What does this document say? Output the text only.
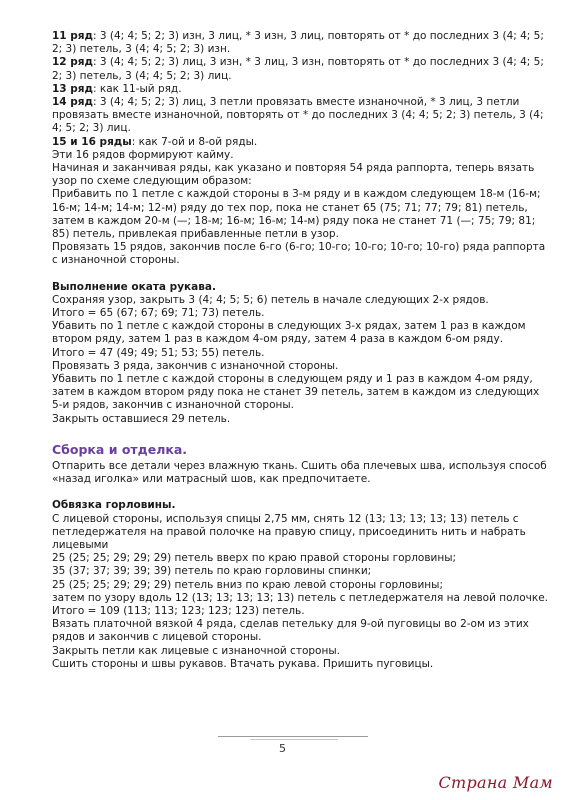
11 ряд: 3 (4; 4; 5; 2; 3) изн, 3 лиц, * 3 изн, 3 лиц, повторять от * до последних 3 (4; 4; 5; 2; 3) петель, 3 (4; 4; 5; 2; 3) изн.

12 ряд: 3 (4; 4; 5; 2; 3) лиц, 3 изн, * 3 лиц, 3 изн, повторять от * до последних 3 (4; 4; 5; 2; 3) петель, 3 (4; 4; 5; 2; 3) лиц.

13 ряд: как 11-ый ряд.

14 ряд: 3 (4; 4; 5; 2; 3) лиц, 3 петли провязать вместе изнаночной, * 3 лиц, 3 петли провязать вместе изнаночной, повторять от * до последних 3 (4; 4; 5; 2; 3) петель, 3 (4; 4; 5; 2; 3) лиц.

15 и 16 ряды: как 7-ой и 8-ой ряды.

Эти 16 рядов формируют кайму.

Начиная и заканчивая ряды, как указано и повторяя 54 ряда раппорта, теперь вязать узор по схеме следующим образом:

Прибавить по 1 петле с каждой стороны в 3-м ряду и в каждом следующем 18-м (16-м; 16-м; 14-м; 14-м; 12-м) ряду до тех пор, пока не станет 65 (75; 71; 77; 79; 81) петель, затем в каждом 20-м (—; 18-м; 16-м; 16-м; 14-м) ряду пока не станет 71 (—; 75; 79; 81; 85) петель, привлекая прибавленные петли в узор.

Провязать 15 рядов, закончив после 6-го (6-го; 10-го; 10-го; 10-го; 10-го) ряда раппорта с изнаночной стороны.

Выполнение оката рукава.

Сохраняя узор, закрыть 3 (4; 4; 5; 5; 6) петель в начале следующих 2-х рядов.

Итого = 65 (67; 67; 69; 71; 73) петель.

Убавить по 1 петле с каждой стороны в следующих 3-х рядах, затем 1 раз в каждом втором ряду, затем 1 раз в каждом 4-ом ряду, затем 4 раза в каждом 6-ом ряду.

Итого = 47 (49; 49; 51; 53; 55) петель.

Провязать 3 ряда, закончив с изнаночной стороны.

Убавить по 1 петле с каждой стороны в следующем ряду и 1 раз в каждом 4-ом ряду, затем в каждом втором ряду пока не станет 39 петель, затем в каждом из следующих 5-и рядов, закончив с изнаночной стороны.

Закрыть оставшиеся 29 петель.

Сборка и отделка.

Отпарить все детали через влажную ткань. Сшить оба плечевых шва, используя способ «назад иголка» или матрасный шов, как предпочитаете.

Обвязка горловины.

С лицевой стороны, используя спицы 2,75 мм, снять 12 (13; 13; 13; 13; 13) петель с петледержателя на правой полочке на правую спицу, присоединить нить и набрать лицевыми

25 (25; 25; 29; 29; 29) петель вверх по краю правой стороны горловины;

35 (37; 37; 39; 39; 39) петель по краю горловины спинки;

25 (25; 25; 29; 29; 29) петель вниз по краю левой стороны горловины;

затем по узору вдоль 12 (13; 13; 13; 13; 13) петель с петледержателя на левой полочке.

Итого = 109 (113; 113; 123; 123; 123) петель.

Вязать платочной вязкой 4 ряда, сделав петельку для 9-ой пуговицы во 2-ом из этих рядов и закончив с лицевой стороны.

Закрыть петли как лицевые с изнаночной стороны.

Сшить стороны и швы рукавов. Втачать рукава. Пришить пуговицы.

5
Страна Мам
